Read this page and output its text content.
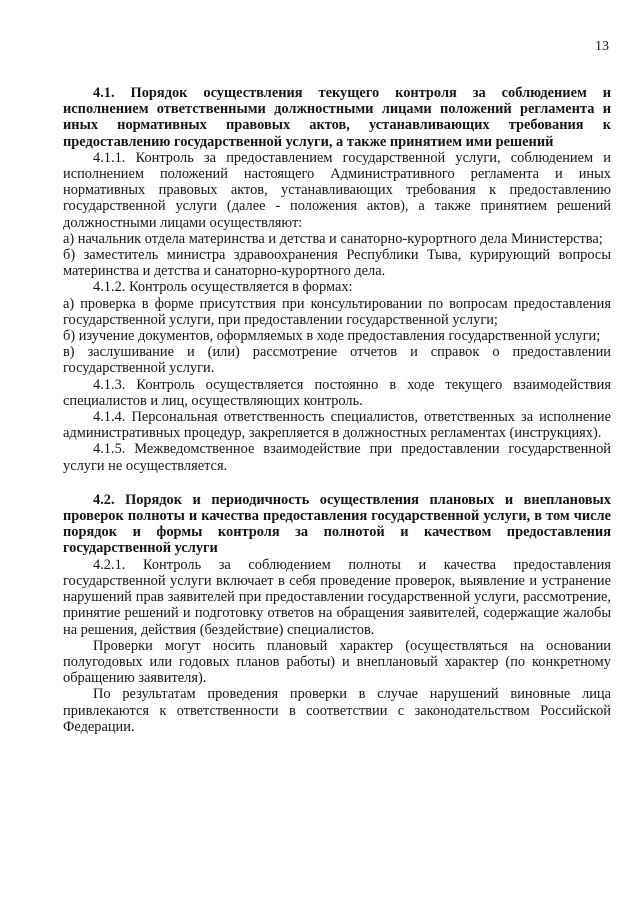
13
4.1. Порядок осуществления текущего контроля за соблюдением и исполнением ответственными должностными лицами положений регламента и иных нормативных правовых актов, устанавливающих требования к предоставлению государственной услуги, а также принятием ими решений

4.1.1. Контроль за предоставлением государственной услуги, соблюдением и исполнением положений настоящего Административного регламента и иных нормативных правовых актов, устанавливающих требования к предоставлению государственной услуги (далее - положения актов), а также принятием решений должностными лицами осуществляют:

а) начальник отдела материнства и детства и санаторно-курортного дела Министерства;

б) заместитель министра здравоохранения Республики Тыва, курирующий вопросы материнства и детства и санаторно-курортного дела.

4.1.2. Контроль осуществляется в формах:

а) проверка в форме присутствия при консультировании по вопросам предоставления государственной услуги, при предоставлении государственной услуги;

б) изучение документов, оформляемых в ходе предоставления государственной услуги;

в) заслушивание и (или) рассмотрение отчетов и справок о предоставлении государственной услуги.

4.1.3. Контроль осуществляется постоянно в ходе текущего взаимодействия специалистов и лиц, осуществляющих контроль.

4.1.4. Персональная ответственность специалистов, ответственных за исполнение административных процедур, закрепляется в должностных регламентах (инструкциях).

4.1.5. Межведомственное взаимодействие при предоставлении государственной услуги не осуществляется.

4.2. Порядок и периодичность осуществления плановых и внеплановых проверок полноты и качества предоставления государственной услуги, в том числе порядок и формы контроля за полнотой и качеством предоставления государственной услуги

4.2.1. Контроль за соблюдением полноты и качества предоставления государственной услуги включает в себя проведение проверок, выявление и устранение нарушений прав заявителей при предоставлении государственной услуги, рассмотрение, принятие решений и подготовку ответов на обращения заявителей, содержащие жалобы на решения, действия (бездействие) специалистов.

Проверки могут носить плановый характер (осуществляться на основании полугодовых или годовых планов работы) и внеплановый характер (по конкретному обращению заявителя).

По результатам проведения проверки в случае нарушений виновные лица привлекаются к ответственности в соответствии с законодательством Российской Федерации.
